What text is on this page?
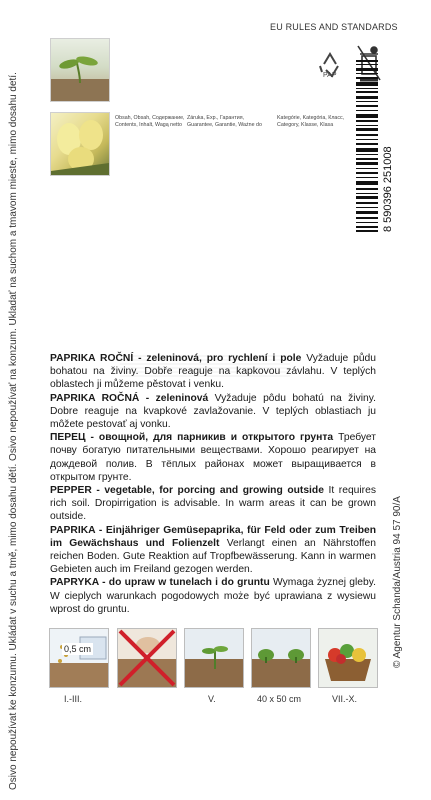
Osivo nepoužívat ke konzumu. Ukládat v suchu a tmě, mimo dosahu dětí. Osivo nepoužívať na konzum. Ukladať na suchom a tmavom mieste, mimo dosahu detí.	© Agentur Schanda/Austria 94 57 90/A
EU RULES AND STANDARDS
Obsah, Obsah, Содержание, Contents, Inhalt, Wagą netto
Záruka, Exp., Гарантия, Guarantee, Garantie, Ważne do
Kategórie, Kategória, Класс, Category, Klasse, Klasa
PAP
8 590396 251008

PAPRIKA ROČNÍ - zeleninová, pro rychlení i pole Vyžaduje půdu bohatou na živiny. Dobře reaguje na kapkovou závlahu. V teplých oblastech ji můžeme pěstovat i venku.

PAPRIKA ROČNÁ - zeleninová Vyžaduje pôdu bohatú na živiny. Dobre reaguje na kvapkové zavlažovanie. V teplých oblastiach ju môžete pestovať aj vonku.

ПЕРЕЦ - овощной, для парникив и открытого грунта Требует почву богатую питательными веществами. Хорошо реагирует на дождевой полив. В тёплых районах может выращивается в открытом грунте.

PEPPER - vegetable, for porcing and growing outside It requires rich soil. Dropirrigation is advisable. In warm areas it can be grown outside.

PAPRIKA - Einjähriger Gemüsepaprika, für Feld oder zum Treiben im Gewächshaus und Folienzelt Verlangt einen an Nährstoffen reichen Boden. Gute Reaktion auf Tropfbewässerung. Kann in warmen Gebieten auch im Freiland gezogen werden.

PAPRYKA - do upraw w tunelach i do gruntu Wymaga żyznej gleby. W cieplych warunkach pogodowych może być uprawiana z wysiewu wprost do gruntu.

0,5 cm
I.-III.	V.	40 x 50 cm	VII.-X.
